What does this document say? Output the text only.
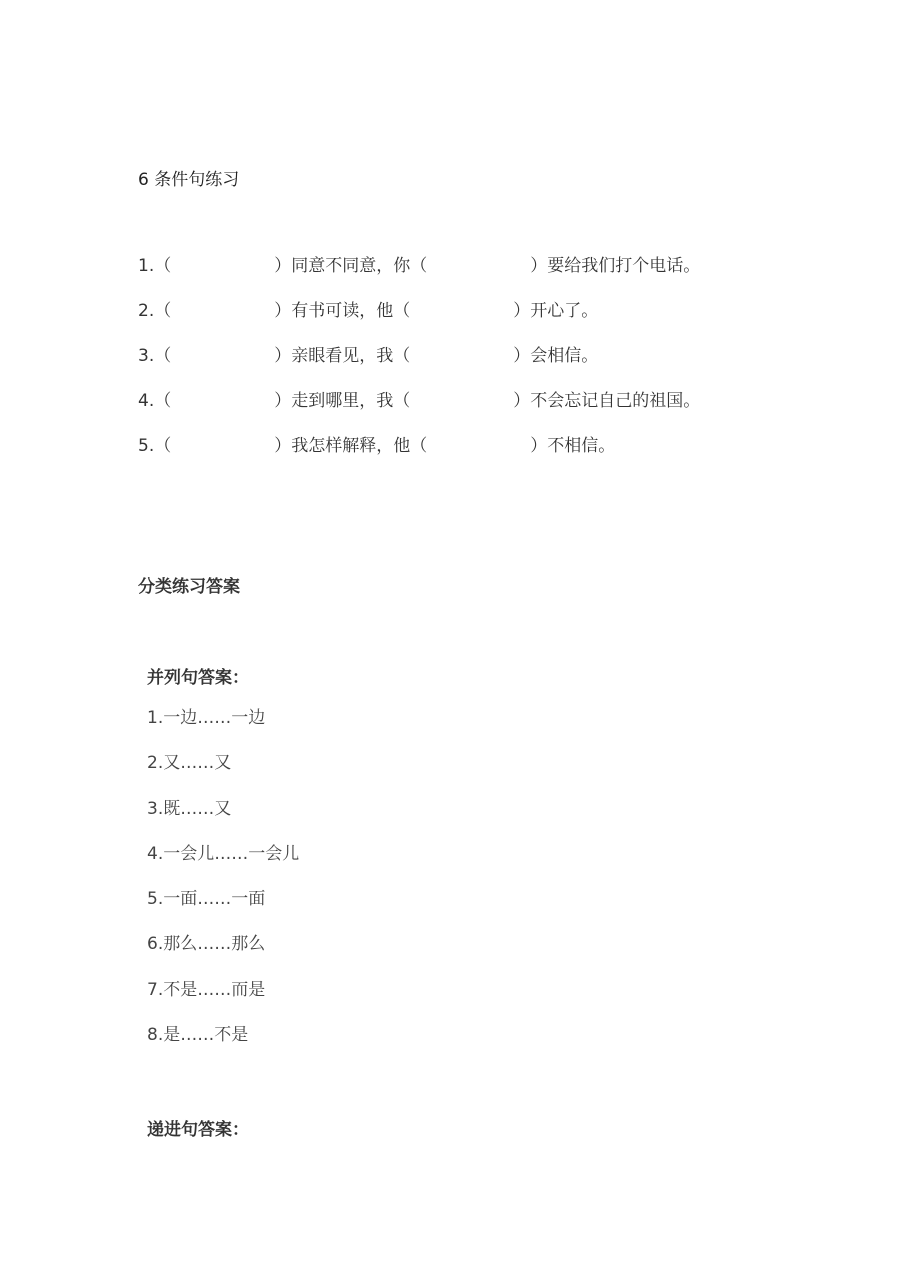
6 条件句练习
1. （	） 同意不同意，你 （	） 要给我们打个电话。
2. （	） 有书可读，他 （	） 开心了。
3. （	） 亲眼看见，我 （	） 会相信。
4. （	） 走到哪里，我 （	） 不会忘记自己的祖国。
5. （	） 我怎样解释，他 （	） 不相信。
分类练习答案
并列句答案：
1.一边……一边
2.又……又
3.既……又
4.一会儿……一会儿
5.一面……一面
6.那么……那么
7.不是……而是
8.是……不是
递进句答案：
